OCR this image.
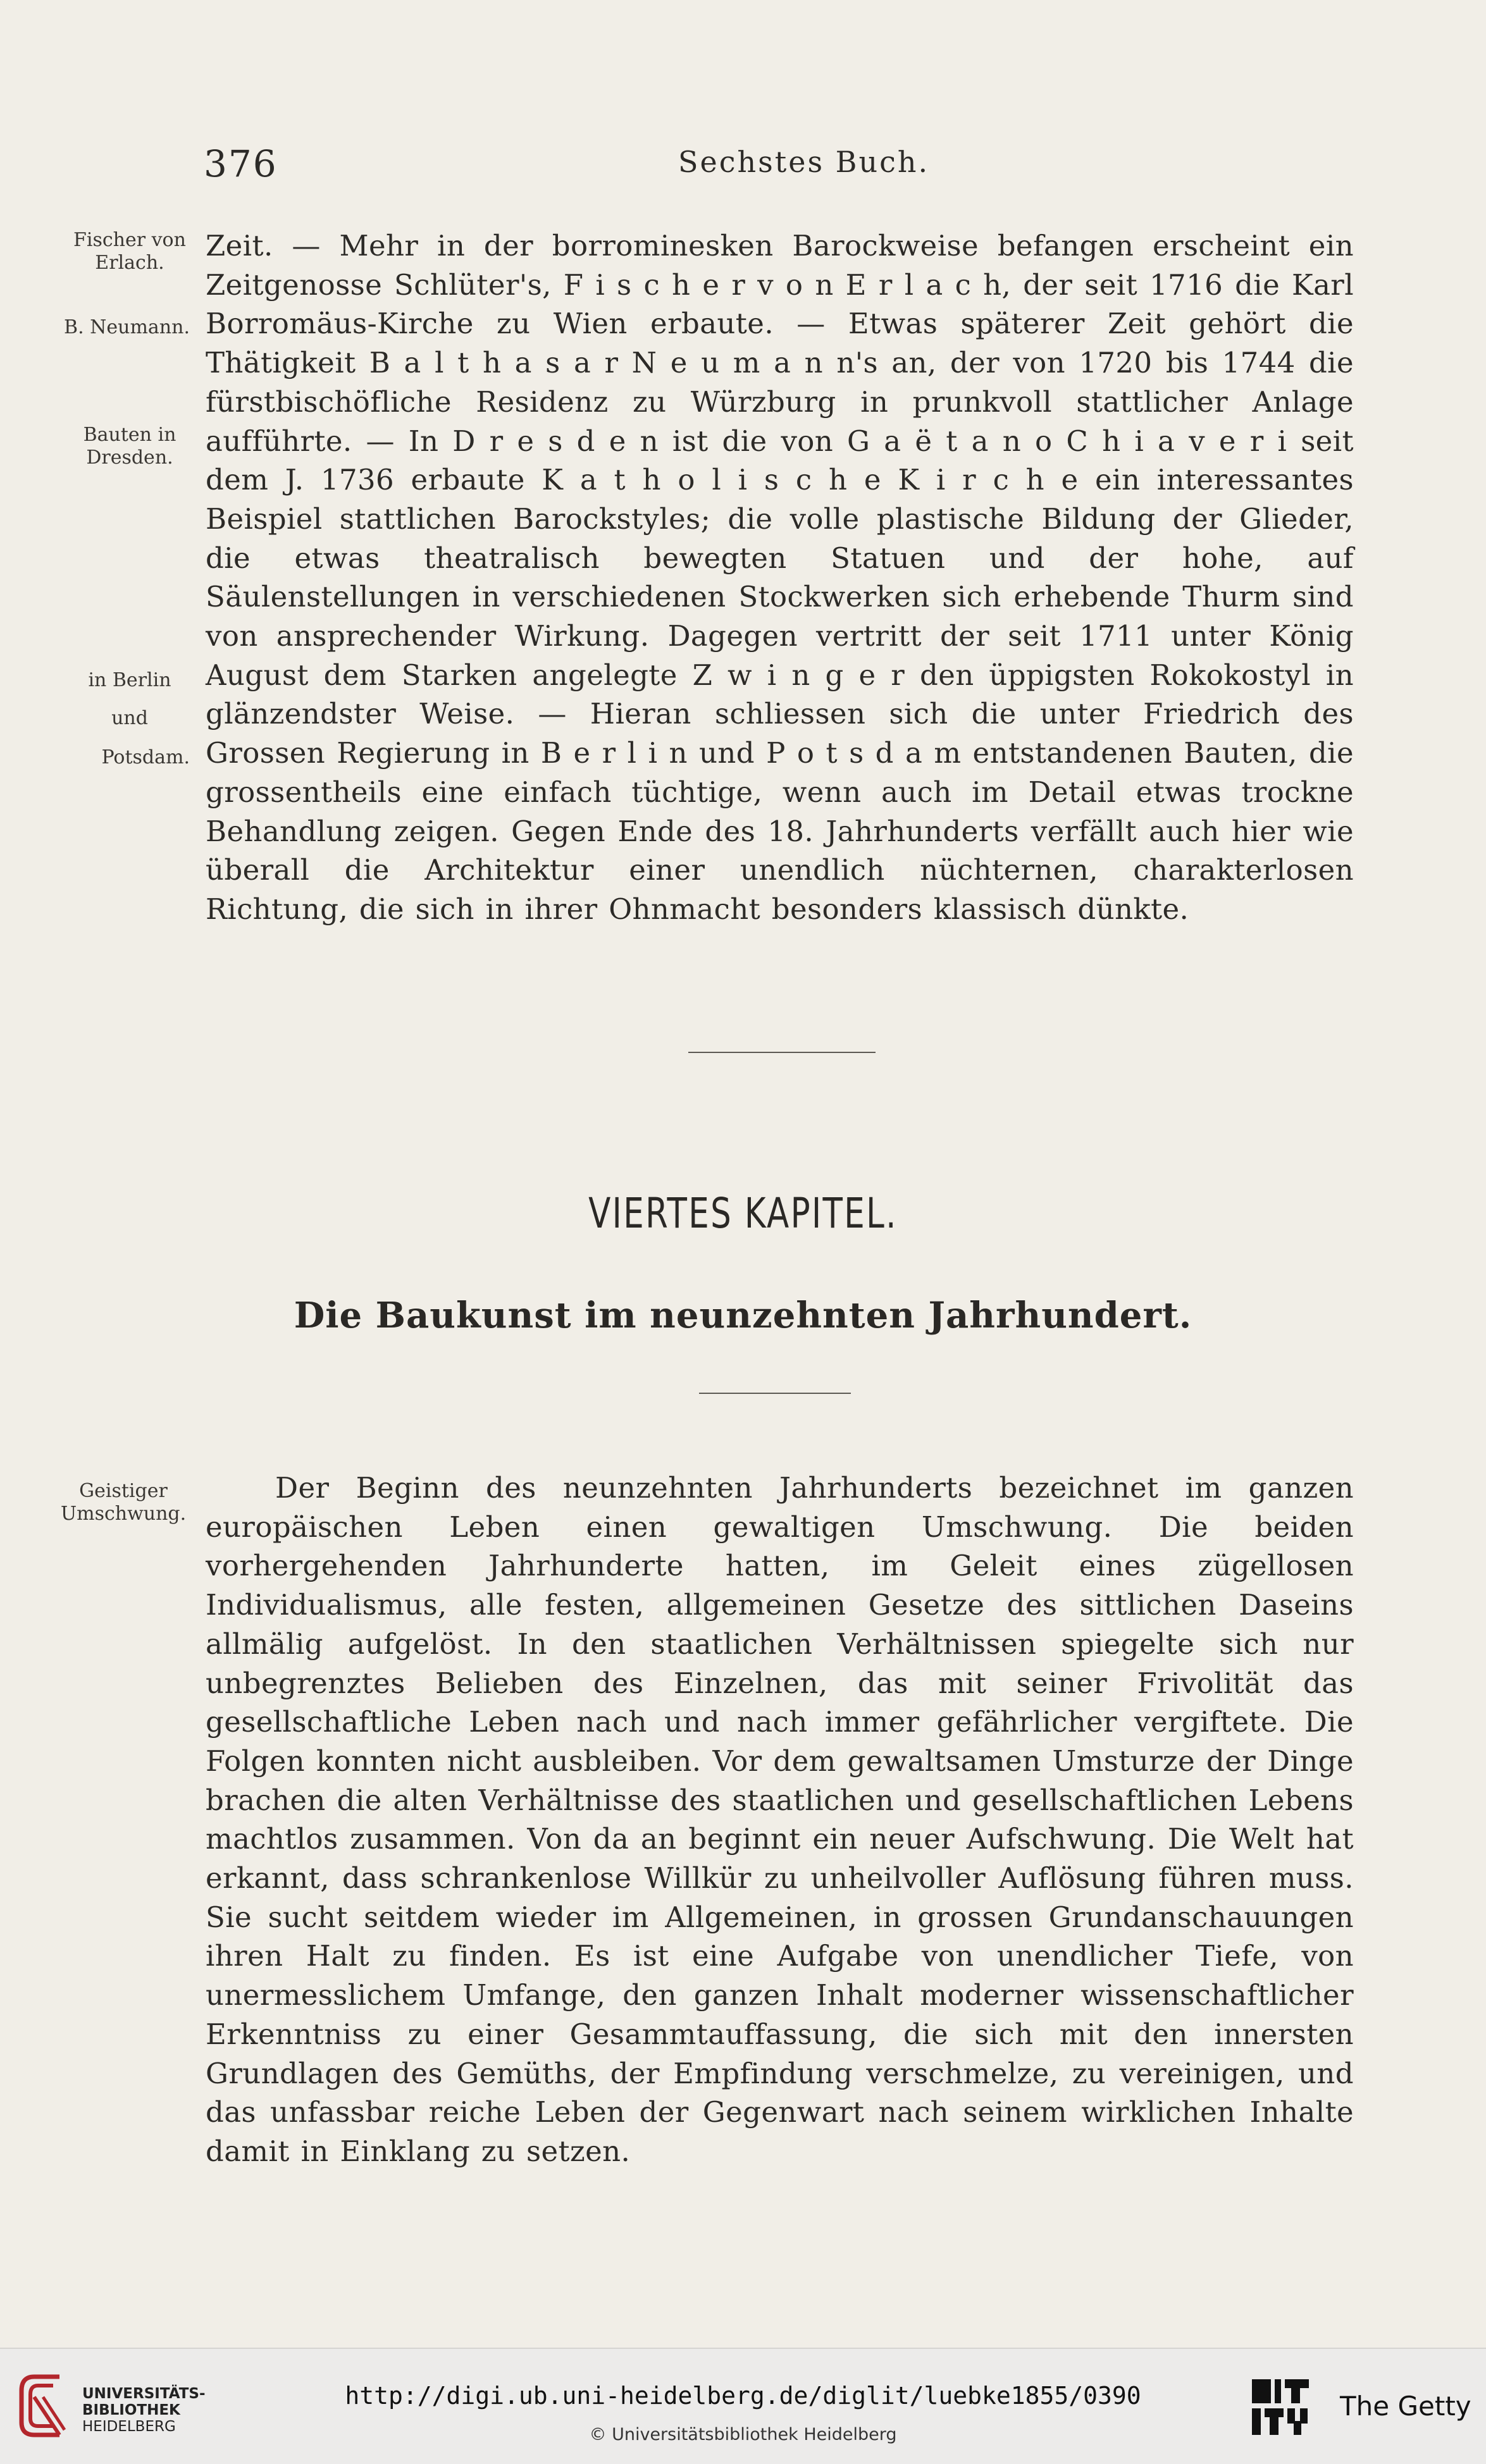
376	Sechstes Buch.
Fischer von Erlach.
B. Neumann.
Bauten in Dresden.
in Berlin
und
Potsdam.

Zeit. — Mehr in der borrominesken Barockweise befangen erscheint ein Zeitgenosse Schlüter's, F i s c h e r v o n E r l a c h, der seit 1716 die Karl Borromäus-Kirche zu Wien erbaute. — Etwas späterer Zeit gehört die Thätigkeit B a l t h a s a r N e u m a n n's an, der von 1720 bis 1744 die fürstbischöfliche Residenz zu Würzburg in prunkvoll stattlicher Anlage aufführte. — In D r e s d e n ist die von G a ë t a n o C h i a v e r i seit dem J. 1736 erbaute K a t h o l i s c h e K i r c h e ein interessantes Beispiel stattlichen Barockstyles; die volle plastische Bildung der Glieder, die etwas theatralisch bewegten Statuen und der hohe, auf Säulenstellungen in verschiedenen Stockwerken sich erhebende Thurm sind von ansprechender Wirkung. Dagegen vertritt der seit 1711 unter König August dem Starken angelegte Z w i n g e r den üppigsten Rokokostyl in glänzendster Weise. — Hieran schliessen sich die unter Friedrich des Grossen Regierung in B e r l i n und P o t s d a m entstandenen Bauten, die grossentheils eine einfach tüchtige, wenn auch im Detail etwas trockne Behandlung zeigen. Gegen Ende des 18. Jahrhunderts verfällt auch hier wie überall die Architektur einer unendlich nüchternen, charakterlosen Richtung, die sich in ihrer Ohnmacht besonders klassisch dünkte.

VIERTES KAPITEL.
Die Baukunst im neunzehnten Jahrhundert.
Geistiger Umschwung.

Der Beginn des neunzehnten Jahrhunderts bezeichnet im ganzen europäischen Leben einen gewaltigen Umschwung. Die beiden vorhergehenden Jahrhunderte hatten, im Geleit eines zügellosen Individualismus, alle festen, allgemeinen Gesetze des sittlichen Daseins allmälig aufgelöst. In den staatlichen Verhältnissen spiegelte sich nur unbegrenztes Belieben des Einzelnen, das mit seiner Frivolität das gesellschaftliche Leben nach und nach immer gefährlicher vergiftete. Die Folgen konnten nicht ausbleiben. Vor dem gewaltsamen Umsturze der Dinge brachen die alten Verhältnisse des staatlichen und gesellschaftlichen Lebens machtlos zusammen. Von da an beginnt ein neuer Aufschwung. Die Welt hat erkannt, dass schrankenlose Willkür zu unheilvoller Auflösung führen muss. Sie sucht seitdem wieder im Allgemeinen, in grossen Grundanschauungen ihren Halt zu finden. Es ist eine Aufgabe von unendlicher Tiefe, von unermesslichem Umfange, den ganzen Inhalt moderner wissenschaftlicher Erkenntniss zu einer Gesammtauffassung, die sich mit den innersten Grundlagen des Gemüths, der Empfindung verschmelze, zu vereinigen, und das unfassbar reiche Leben der Gegenwart nach seinem wirklichen Inhalte damit in Einklang zu setzen.

UNIVERSITÄTS-
BIBLIOTHEK
HEIDELBERG
http://digi.ub.uni-heidelberg.de/diglit/luebke1855/0390
© Universitätsbibliothek Heidelberg
The Getty
